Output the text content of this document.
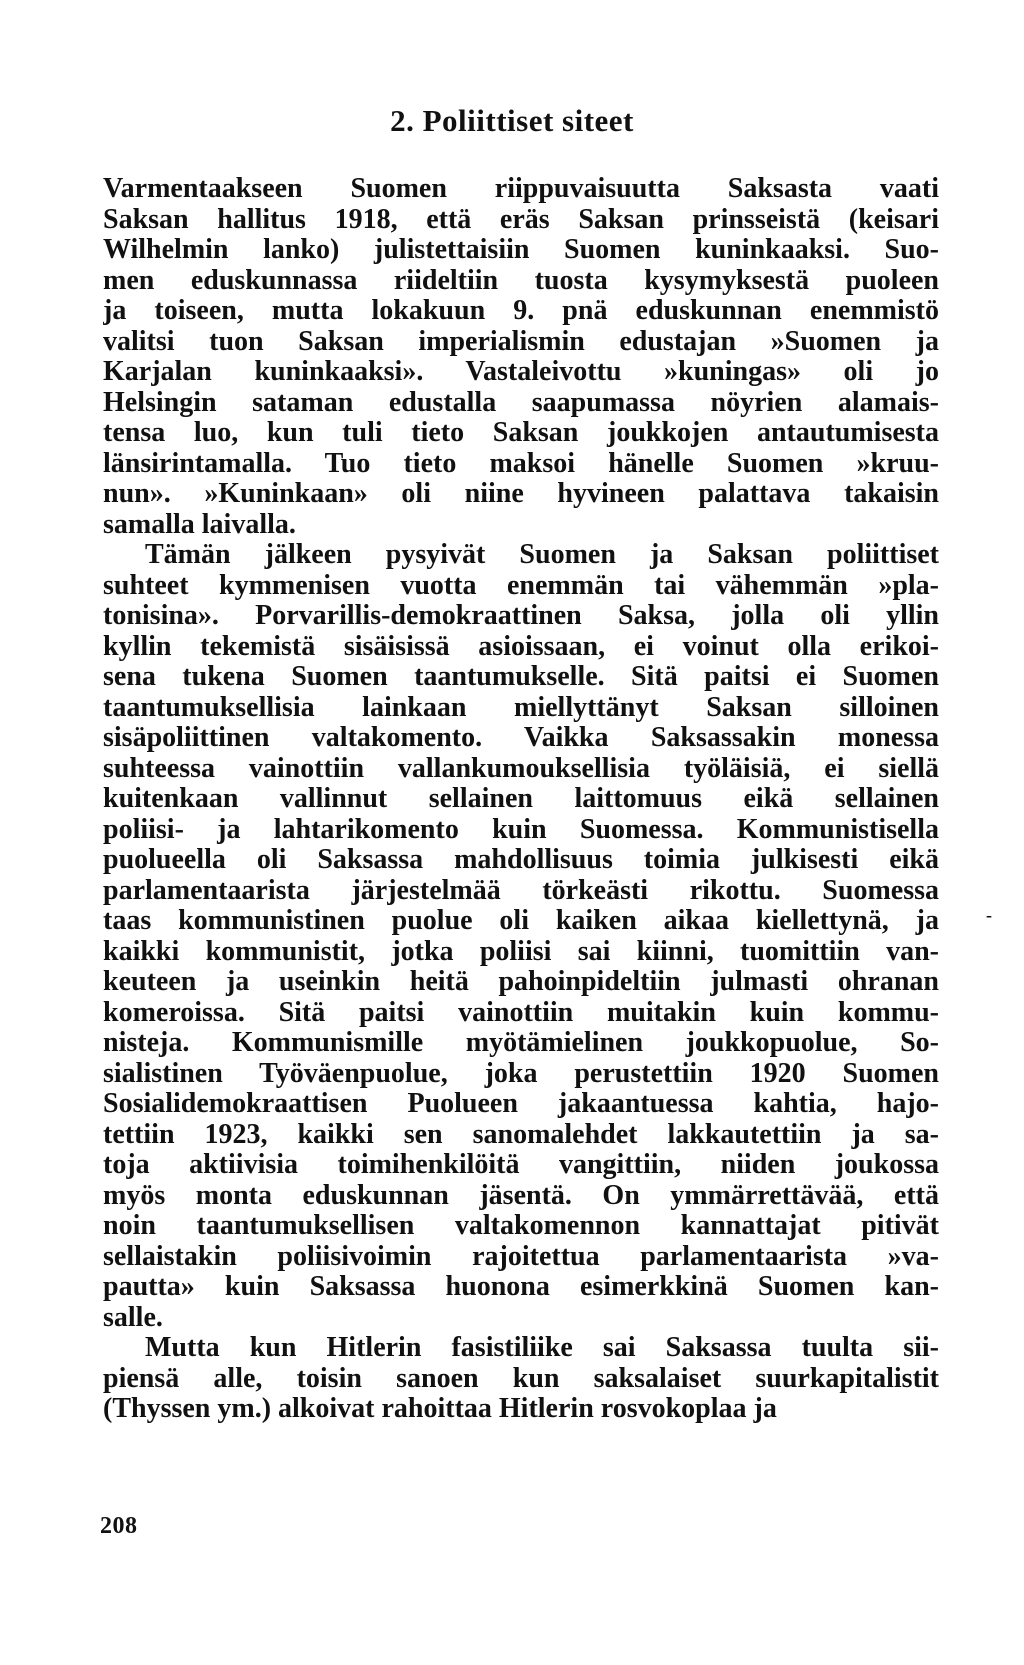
2. Poliittiset siteet
Varmentaakseen Suomen riippuvaisuutta Saksasta vaati
Saksan hallitus 1918, että eräs Saksan prinsseistä (keisari
Wilhelmin lanko) julistettaisiin Suomen kuninkaaksi. Suo-
men eduskunnassa riideltiin tuosta kysymyksestä puoleen
ja toiseen, mutta lokakuun 9. pnä eduskunnan enemmistö
valitsi tuon Saksan imperialismin edustajan »Suomen ja
Karjalan kuninkaaksi». Vastaleivottu »kuningas» oli jo
Helsingin sataman edustalla saapumassa nöyrien alamais-
tensa luo, kun tuli tieto Saksan joukkojen antautumisesta
länsirintamalla. Tuo tieto maksoi hänelle Suomen »kruu-
nun». »Kuninkaan» oli niine hyvineen palattava takaisin
samalla laivalla.
Tämän jälkeen pysyivät Suomen ja Saksan poliittiset
suhteet kymmenisen vuotta enemmän tai vähemmän »pla-
tonisina». Porvarillis-demokraattinen Saksa, jolla oli yllin
kyllin tekemistä sisäisissä asioissaan, ei voinut olla erikoi-
sena tukena Suomen taantumukselle. Sitä paitsi ei Suomen
taantumuksellisia lainkaan miellyttänyt Saksan silloinen
sisäpoliittinen valtakomento. Vaikka Saksassakin monessa
suhteessa vainottiin vallankumouksellisia työläisiä, ei siellä
kuitenkaan vallinnut sellainen laittomuus eikä sellainen
poliisi- ja lahtarikomento kuin Suomessa. Kommunistisella
puolueella oli Saksassa mahdollisuus toimia julkisesti eikä
parlamentaarista järjestelmää törkeästi rikottu. Suomessa
taas kommunistinen puolue oli kaiken aikaa kiellettynä, ja
kaikki kommunistit, jotka poliisi sai kiinni, tuomittiin van-
keuteen ja useinkin heitä pahoinpideltiin julmasti ohranan
komeroissa. Sitä paitsi vainottiin muitakin kuin kommu-
nisteja. Kommunismille myötämielinen joukkopuolue, So-
sialistinen Työväenpuolue, joka perustettiin 1920 Suomen
Sosialidemokraattisen Puolueen jakaantuessa kahtia, hajo-
tettiin 1923, kaikki sen sanomalehdet lakkautettiin ja sa-
toja aktiivisia toimihenkilöitä vangittiin, niiden joukossa
myös monta eduskunnan jäsentä. On ymmärrettävää, että
noin taantumuksellisen valtakomennon kannattajat pitivät
sellaistakin poliisivoimin rajoitettua parlamentaarista »va-
pautta» kuin Saksassa huonona esimerkkinä Suomen kan-
salle.
Mutta kun Hitlerin fasistiliike sai Saksassa tuulta sii-
piensä alle, toisin sanoen kun saksalaiset suurkapitalistit
(Thyssen ym.) alkoivat rahoittaa Hitlerin rosvokoplaa ja
-
208
